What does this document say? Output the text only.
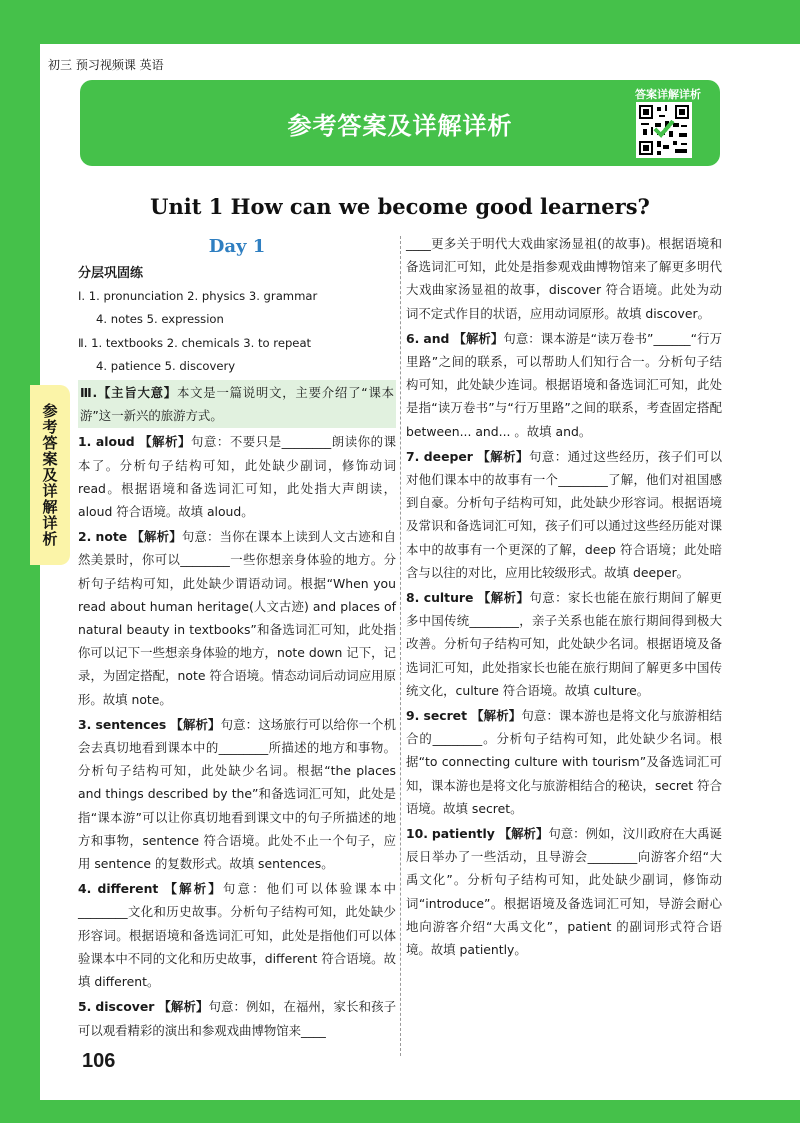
初三 预习视频课 英语
参考答案及详解详析
答案详解详析
参考答案及详解详析
Unit 1 How can we become good learners?
Day 1

分层巩固练

Ⅰ. 1. pronunciation 2. physics 3. grammar

4. notes 5. expression

Ⅱ. 1. textbooks 2. chemicals 3. to repeat

4. patience 5. discovery

Ⅲ.【主旨大意】本文是一篇说明文，主要介绍了“课本游”这一新兴的旅游方式。

1. aloud 【解析】句意：不要只是________朗读你的课本了。分析句子结构可知，此处缺少副词，修饰动词 read。根据语境和备选词汇可知，此处指大声朗读，aloud 符合语境。故填 aloud。

2. note 【解析】句意：当你在课本上读到人文古迹和自然美景时，你可以________一些你想亲身体验的地方。分析句子结构可知，此处缺少谓语动词。根据“When you read about human heritage(人文古迹) and places of natural beauty in textbooks”和备选词汇可知，此处指你可以记下一些想亲身体验的地方，note down 记下，记录，为固定搭配，note 符合语境。情态动词后动词应用原形。故填 note。

3. sentences 【解析】句意：这场旅行可以给你一个机会去真切地看到课本中的________所描述的地方和事物。分析句子结构可知，此处缺少名词。根据“the places and things described by the”和备选词汇可知，此处是指“课本游”可以让你真切地看到课文中的句子所描述的地方和事物，sentence 符合语境。此处不止一个句子，应用 sentence 的复数形式。故填 sentences。

4. different 【解析】句意：他们可以体验课本中________文化和历史故事。分析句子结构可知，此处缺少形容词。根据语境和备选词汇可知，此处是指他们可以体验课本中不同的文化和历史故事，different 符合语境。故填 different。

5. discover 【解析】句意：例如，在福州，家长和孩子可以观看精彩的演出和参观戏曲博物馆来____

____更多关于明代大戏曲家汤显祖(的故事)。根据语境和备选词汇可知，此处是指参观戏曲博物馆来了解更多明代大戏曲家汤显祖的故事，discover 符合语境。此处为动词不定式作目的状语，应用动词原形。故填 discover。

6. and 【解析】句意：课本游是“读万卷书”______“行万里路”之间的联系，可以帮助人们知行合一。分析句子结构可知，此处缺少连词。根据语境和备选词汇可知，此处是指“读万卷书”与“行万里路”之间的联系，考查固定搭配 between... and... 。故填 and。

7. deeper 【解析】句意：通过这些经历，孩子们可以对他们课本中的故事有一个________了解，他们对祖国感到自豪。分析句子结构可知，此处缺少形容词。根据语境及常识和备选词汇可知，孩子们可以通过这些经历能对课本中的故事有一个更深的了解，deep 符合语境；此处暗含与以往的对比，应用比较级形式。故填 deeper。

8. culture 【解析】句意：家长也能在旅行期间了解更多中国传统________，亲子关系也能在旅行期间得到极大改善。分析句子结构可知，此处缺少名词。根据语境及备选词汇可知，此处指家长也能在旅行期间了解更多中国传统文化，culture 符合语境。故填 culture。

9. secret 【解析】句意：课本游也是将文化与旅游相结合的________。分析句子结构可知，此处缺少名词。根据“to connecting culture with tourism”及备选词汇可知，课本游也是将文化与旅游相结合的秘诀，secret 符合语境。故填 secret。

10. patiently 【解析】句意：例如，汶川政府在大禹诞辰日举办了一些活动，且导游会________向游客介绍“大禹文化”。分析句子结构可知，此处缺少副词，修饰动词“introduce”。根据语境及备选词汇可知，导游会耐心地向游客介绍“大禹文化”，patient 的副词形式符合语境。故填 patiently。

106
